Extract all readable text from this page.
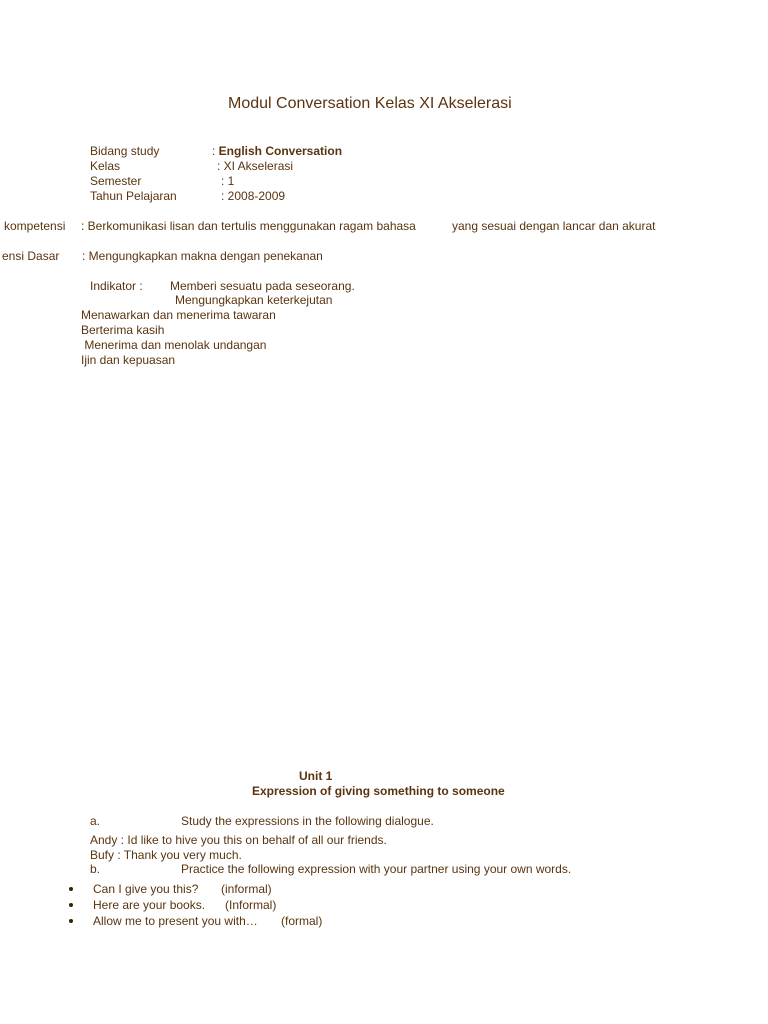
Modul Conversation Kelas XI Akselerasi
Bidang study	: English Conversation
Kelas	: XI Akselerasi
Semester	: 1
Tahun Pelajaran	: 2008-2009
kompetensi : Berkomunikasi lisan dan tertulis menggunakan ragam bahasa	yang sesuai dengan lancar dan akurat
ensi Dasar : Mengungkapkan makna dengan penekanan
Indikator : Memberi sesuatu pada seseorang.
Mengungkapkan keterkejutan
Menawarkan dan menerima tawaran
Berterima kasih
Menerima dan menolak undangan
Ijin dan kepuasan
Unit 1
Expression of giving something to someone
a.	Study the expressions in the following dialogue.
Andy : Id like to hive you this on behalf of all our friends.
Bufy : Thank you very much.
b.	Practice the following expression with your partner using your own words.
Can I give you this? (informal)
Here are your books. (Informal)
Allow me to present you with… (formal)
